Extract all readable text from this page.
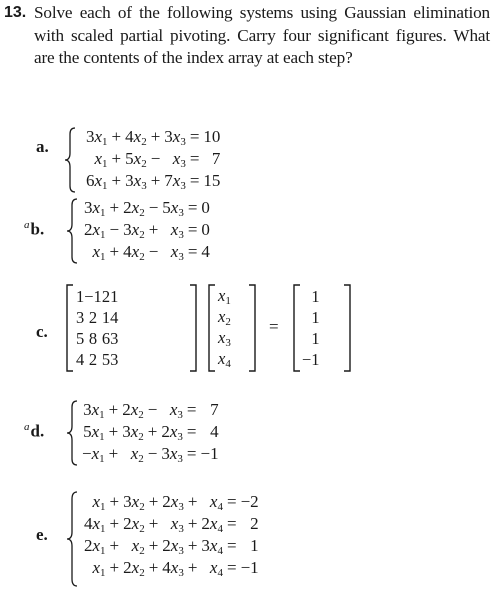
13. Solve each of the following systems using Gaussian elimination with scaled partial pivoting. Carry four significant figures. What are the contents of the index array at each step?
a.
$3x_1$	+	$4x_2$	+	$3x_3$	=	10
$x_1$	+	$5x_2$	−	$x_3$	=	7
$6x_1$	+	$3x_3$	+	$7x_3$	=	15
$^a$b.
$3x_1$	+	$2x_2$	−	$5x_3$	=	0
$2x_1$	−	$3x_2$	+	$x_3$	=	0
$x_1$	+	$4x_2$	−	$x_3$	=	4
c.
1	−1	2	1
3	2	1	4
5	8	6	3
4	2	5	3
$x_1$
$x_2$
$x_3$
$x_4$
=
1
1
1
−1
$^a$d.
$3x_1$	+	$2x_2$	−	$x_3$	=	7
$5x_1$	+	$3x_2$	+	$2x_3$	=	4
$-x_1$	+	$x_2$	−	$3x_3$	=	−1
e.
$x_1$	+	$3x_2$	+	$2x_3$	+	$x_4$	=	−2
$4x_1$	+	$2x_2$	+	$x_3$	+	$2x_4$	=	2
$2x_1$	+	$x_2$	+	$2x_3$	+	$3x_4$	=	1
$x_1$	+	$2x_2$	+	$4x_3$	+	$x_4$	=	−1
